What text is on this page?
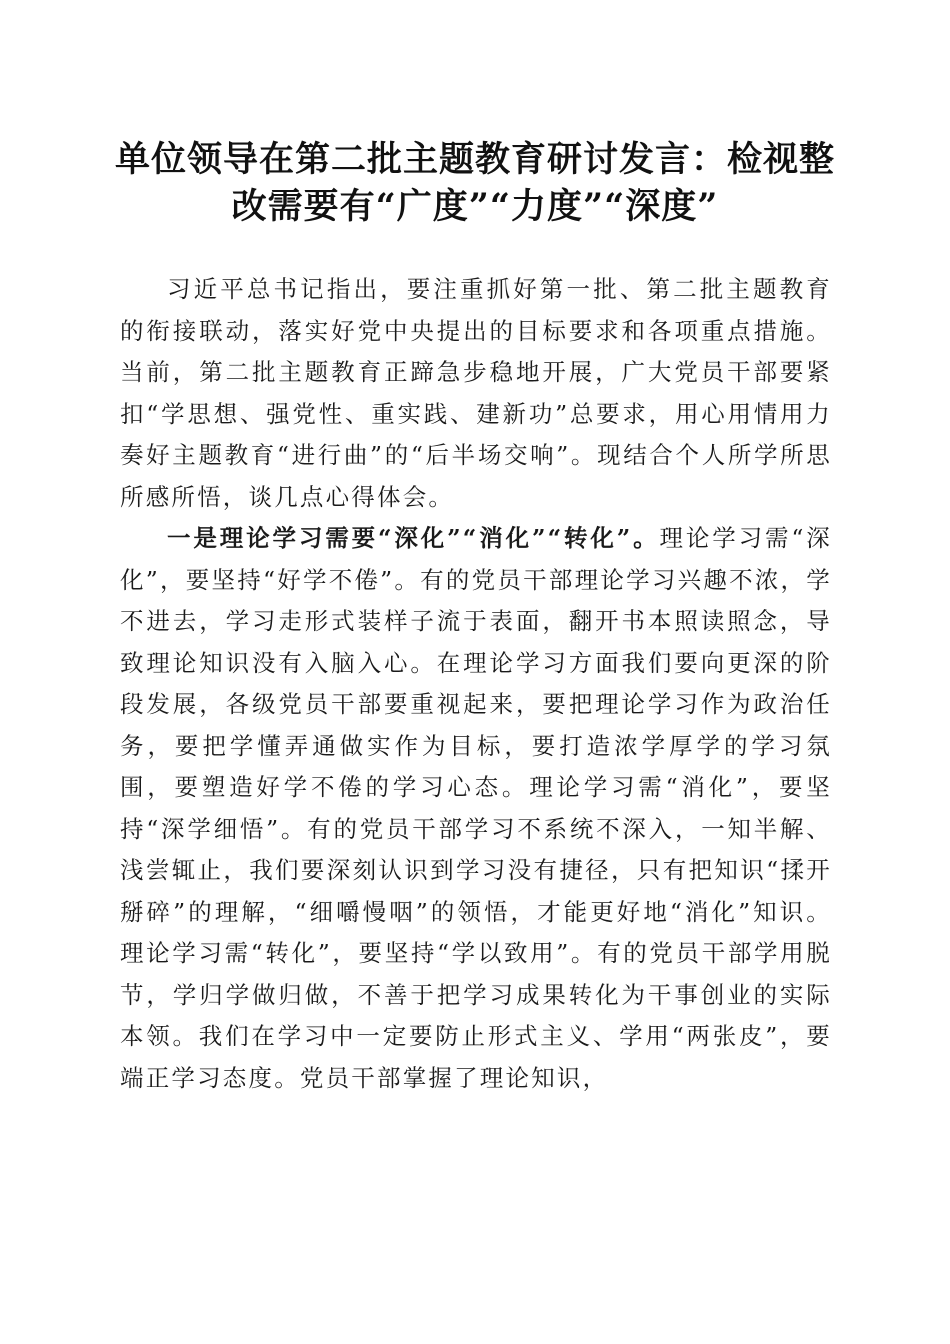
单位领导在第二批主题教育研讨发言：检视整
改需要有“广度”“力度”“深度”

习近平总书记指出，要注重抓好第一批、第二批主题教育的衔接联动，落实好党中央提出的目标要求和各项重点措施。当前，第二批主题教育正蹄急步稳地开展，广大党员干部要紧扣“学思想、强党性、重实践、建新功”总要求，用心用情用力奏好主题教育“进行曲”的“后半场交响”。现结合个人所学所思所感所悟，谈几点心得体会。

一是理论学习需要“深化”“消化”“转化”。理论学习需“深化”，要坚持“好学不倦”。有的党员干部理论学习兴趣不浓，学不进去，学习走形式装样子流于表面，翻开书本照读照念，导致理论知识没有入脑入心。在理论学习方面我们要向更深的阶段发展，各级党员干部要重视起来，要把理论学习作为政治任务，要把学懂弄通做实作为目标，要打造浓学厚学的学习氛围，要塑造好学不倦的学习心态。理论学习需“消化”，要坚持“深学细悟”。有的党员干部学习不系统不深入，一知半解、浅尝辄止，我们要深刻认识到学习没有捷径，只有把知识“揉开掰碎”的理解，“细嚼慢咽”的领悟，才能更好地“消化”知识。理论学习需“转化”，要坚持“学以致用”。有的党员干部学用脱节，学归学做归做，不善于把学习成果转化为干事创业的实际本领。我们在学习中一定要防止形式主义、学用“两张皮”，要端正学习态度。党员干部掌握了理论知识，
